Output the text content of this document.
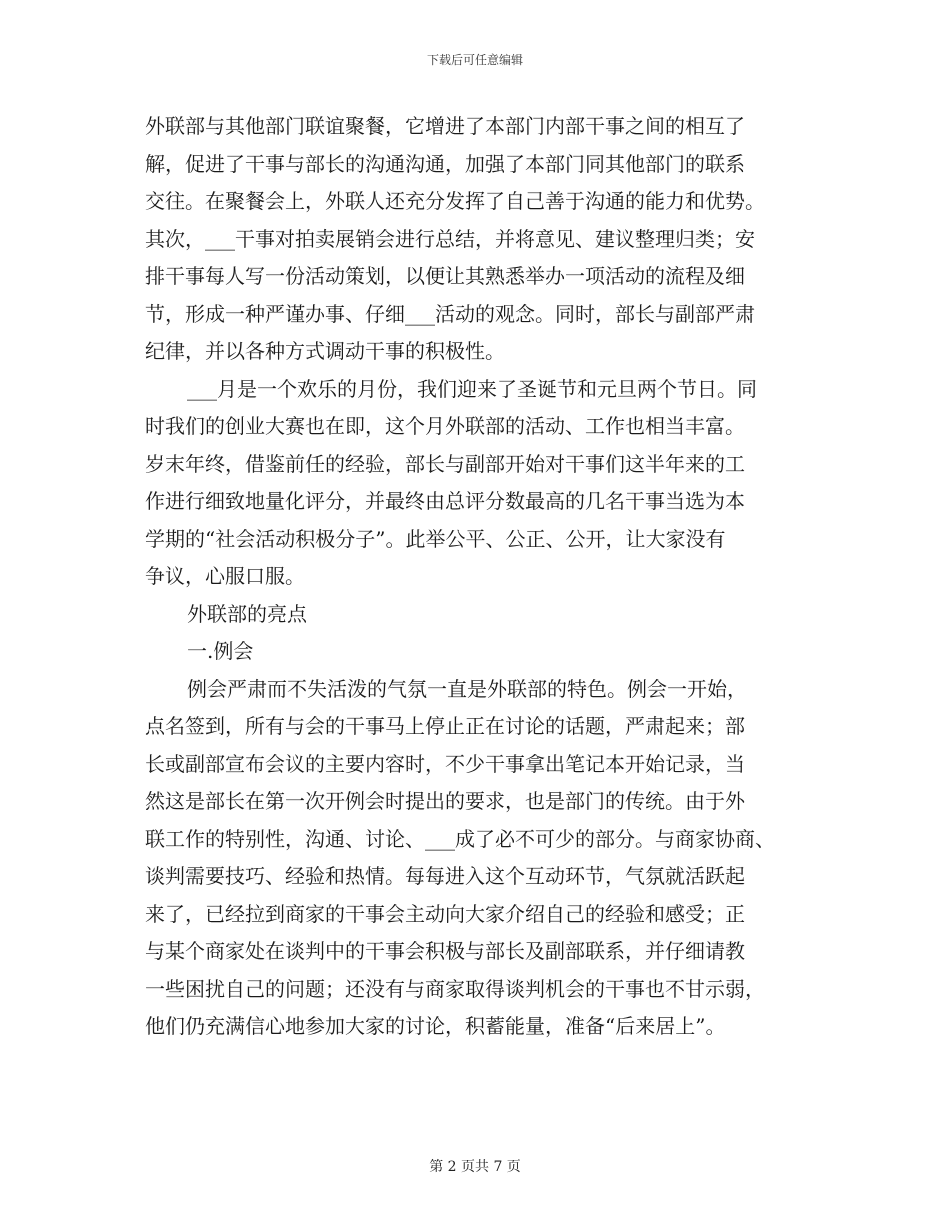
下载后可任意编辑
外联部与其他部门联谊聚餐，它增进了本部门内部干事之间的相互了
解，促进了干事与部长的沟通沟通，加强了本部门同其他部门的联系
交往。在聚餐会上，外联人还充分发挥了自己善于沟通的能力和优势。
其次，___干事对拍卖展销会进行总结，并将意见、建议整理归类；安
排干事每人写一份活动策划，以便让其熟悉举办一项活动的流程及细
节，形成一种严谨办事、仔细___活动的观念。同时，部长与副部严肃
纪律，并以各种方式调动干事的积极性。
___月是一个欢乐的月份，我们迎来了圣诞节和元旦两个节日。同
时我们的创业大赛也在即，这个月外联部的活动、工作也相当丰富。
岁末年终，借鉴前任的经验，部长与副部开始对干事们这半年来的工
作进行细致地量化评分，并最终由总评分数最高的几名干事当选为本
学期的“社会活动积极分子”。此举公平、公正、公开，让大家没有
争议，心服口服。
外联部的亮点
一.例会
例会严肃而不失活泼的气氛一直是外联部的特色。例会一开始，
点名签到，所有与会的干事马上停止正在讨论的话题，严肃起来；部
长或副部宣布会议的主要内容时，不少干事拿出笔记本开始记录，当
然这是部长在第一次开例会时提出的要求，也是部门的传统。由于外
联工作的特别性，沟通、讨论、___成了必不可少的部分。与商家协商、
谈判需要技巧、经验和热情。每每进入这个互动环节，气氛就活跃起
来了，已经拉到商家的干事会主动向大家介绍自己的经验和感受；正
与某个商家处在谈判中的干事会积极与部长及副部联系，并仔细请教
一些困扰自己的问题；还没有与商家取得谈判机会的干事也不甘示弱，
他们仍充满信心地参加大家的讨论，积蓄能量，准备“后来居上”。
第 2 页共 7 页
